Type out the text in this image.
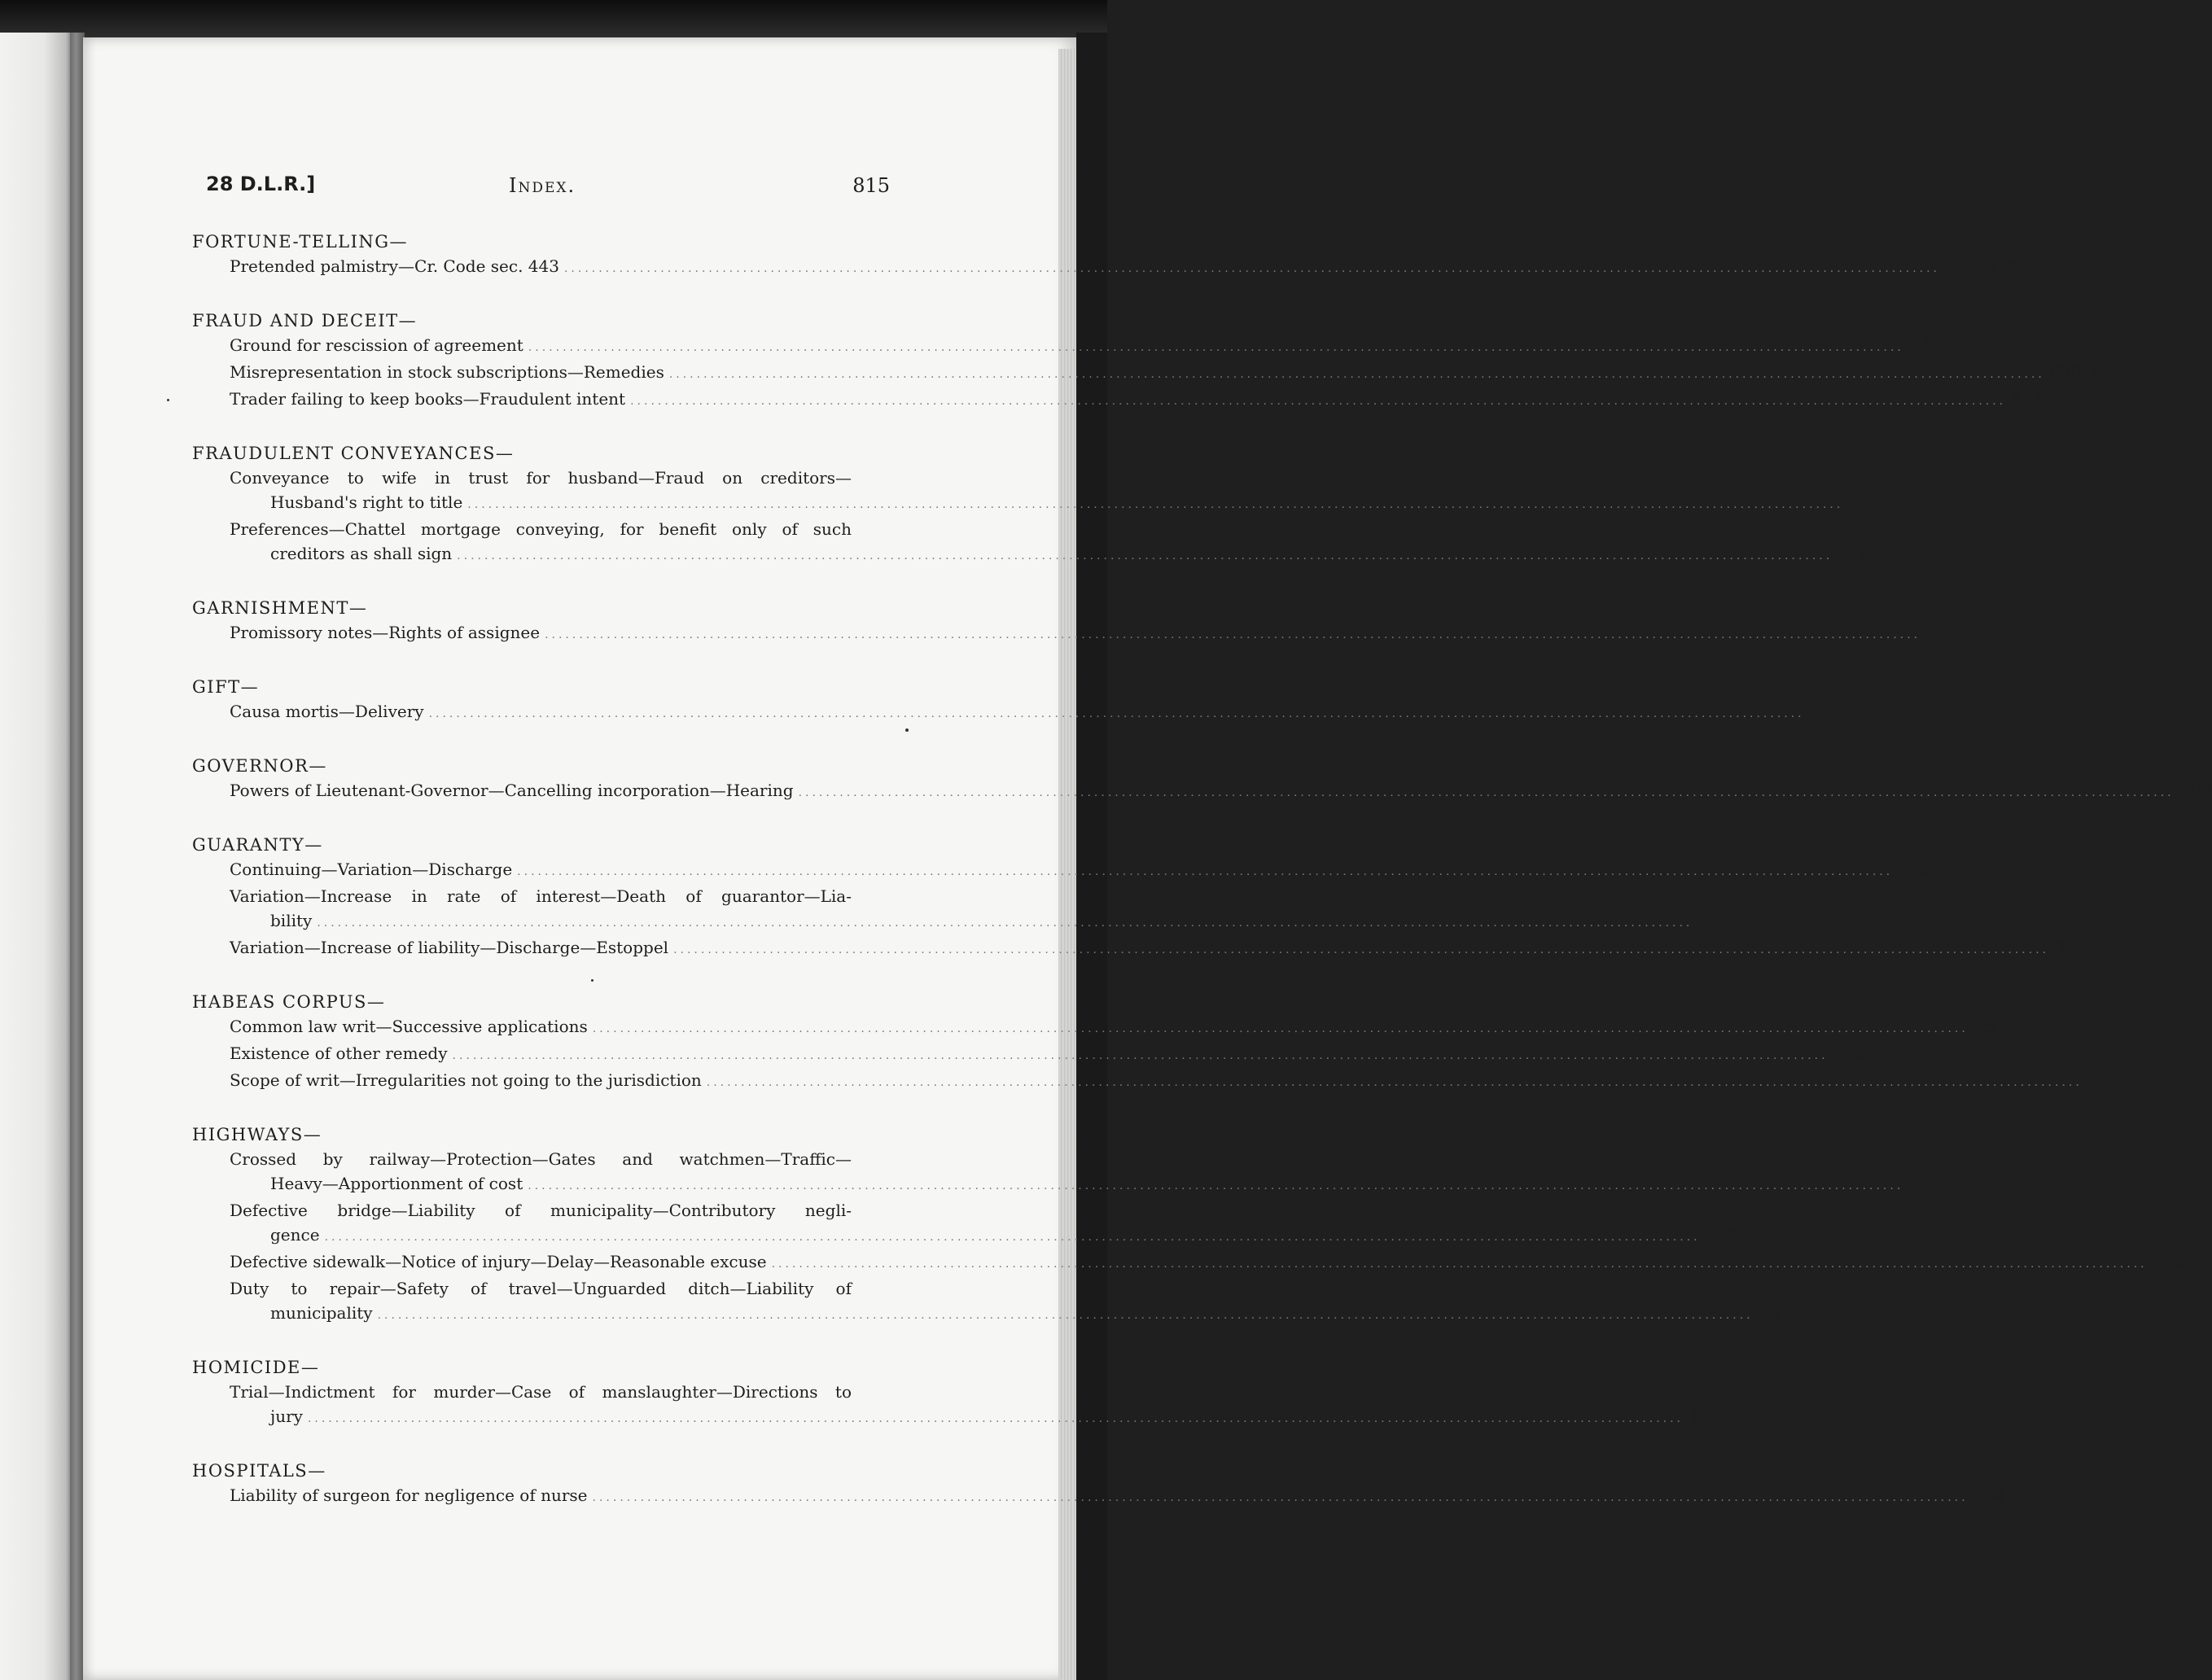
28 D.L.R.]	Index.	815
FORTUNE-TELLING—
Pretended palmistry—Cr. Code sec. 443 ........................................................................................................................................................................................................ 275, 278
FRAUD AND DECEIT—
Ground for rescission of agreement ........................................................................................................................................................................................................ 745
Misrepresentation in stock subscriptions—Remedies ........................................................................................................................................................................................................ 689, 696
Trader failing to keep books—Fraudulent intent ........................................................................................................................................................................................................ 555
FRAUDULENT CONVEYANCES—
Conveyance to wife in trust for husband—Fraud on creditors—
Husband's right to title ........................................................................................................................................................................................................ 223
Preferences—Chattel mortgage conveying, for benefit only of such
creditors as shall sign ........................................................................................................................................................................................................	6
GARNISHMENT—
Promissory notes—Rights of assignee ........................................................................................................................................................................................................ 732
GIFT—
Causa mortis—Delivery ........................................................................................................................................................................................................ 531
GOVERNOR—
Powers of Lieutenant-Governor—Cancelling incorporation—Hearing ........................................................................................................................................................................................................ 509
GUARANTY—
Continuing—Variation—Discharge ........................................................................................................................................................................................................ 775
Variation—Increase in rate of interest—Death of guarantor—Lia-
bility ........................................................................................................................................................................................................ 728
Variation—Increase of liability—Discharge—Estoppel ........................................................................................................................................................................................................ 357
HABEAS CORPUS—
Common law writ—Successive applications ........................................................................................................................................................................................................	57
Existence of other remedy ........................................................................................................................................................................................................	58
Scope of writ—Irregularities not going to the jurisdiction ........................................................................................................................................................................................................	58
HIGHWAYS—
Crossed by railway—Protection—Gates and watchmen—Traffic—
Heavy—Apportionment of cost ........................................................................................................................................................................................................ 558
Defective bridge—Liability of municipality—Contributory negli-
gence ........................................................................................................................................................................................................ 392
Defective sidewalk—Notice of injury—Delay—Reasonable excuse ........................................................................................................................................................................................................ 655
Duty to repair—Safety of travel—Unguarded ditch—Liability of
municipality ........................................................................................................................................................................................................ 397
HOMICIDE—
Trial—Indictment for murder—Case of manslaughter—Directions to
jury ........................................................................................................................................................................................................ 125
HOSPITALS—
Liability of surgeon for negligence of nurse ........................................................................................................................................................................................................ 584
